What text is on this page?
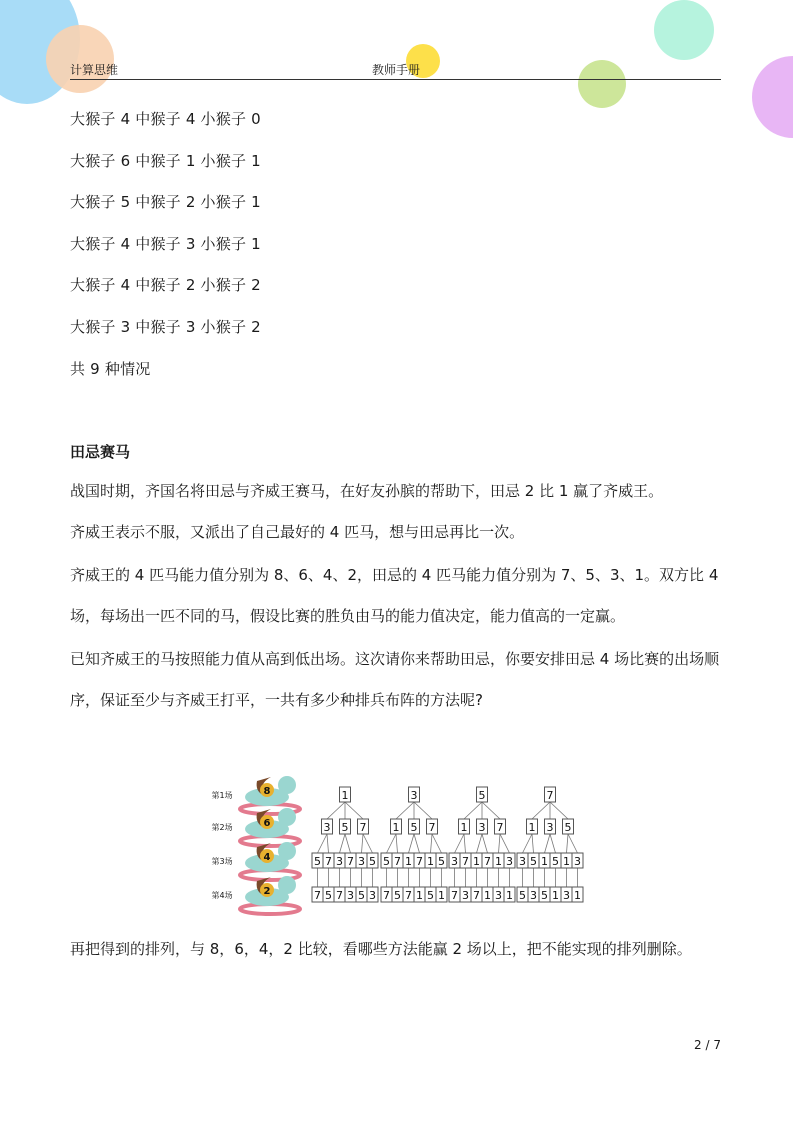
计算思维	教师手册
大猴子 4 中猴子 4 小猴子 0
大猴子 6 中猴子 1 小猴子 1
大猴子 5 中猴子 2 小猴子 1
大猴子 4 中猴子 3 小猴子 1
大猴子 4 中猴子 2 小猴子 2
大猴子 3 中猴子 3 小猴子 2
共 9 种情况
田忌赛马
战国时期，齐国名将田忌与齐威王赛马，在好友孙膑的帮助下，田忌 2 比 1 赢了齐威王。
齐威王表示不服，又派出了自己最好的 4 匹马，想与田忌再比一次。
齐威王的 4 匹马能力值分别为 8、6、4、2，田忌的 4 匹马能力值分别为 7、5、3、1。双方比 4 场，每场出一匹不同的马，假设比赛的胜负由马的能力值决定，能力值高的一定赢。
已知齐威王的马按照能力值从高到低出场。这次请你来帮助田忌，你要安排田忌 4 场比赛的出场顺序，保证至少与齐威王打平，一共有多少种排兵布阵的方法呢?
第1场	8
第2场	6
第3场	4
第4场	2
1
3
5
7
7
5
5
3
7
7
3
7
3
5
5
3
3
1
5
7
7
5
5
1
7
7
1
7
1
5
5
1
5
1
3
7
7
3
3
1
7
7
1
7
1
3
3
1
7
1
3
5
5
3
3
1
5
5
1
5
1
3
3
1
再把得到的排列，与 8，6，4，2 比较，看哪些方法能赢 2 场以上，把不能实现的排列删除。
2 / 7
